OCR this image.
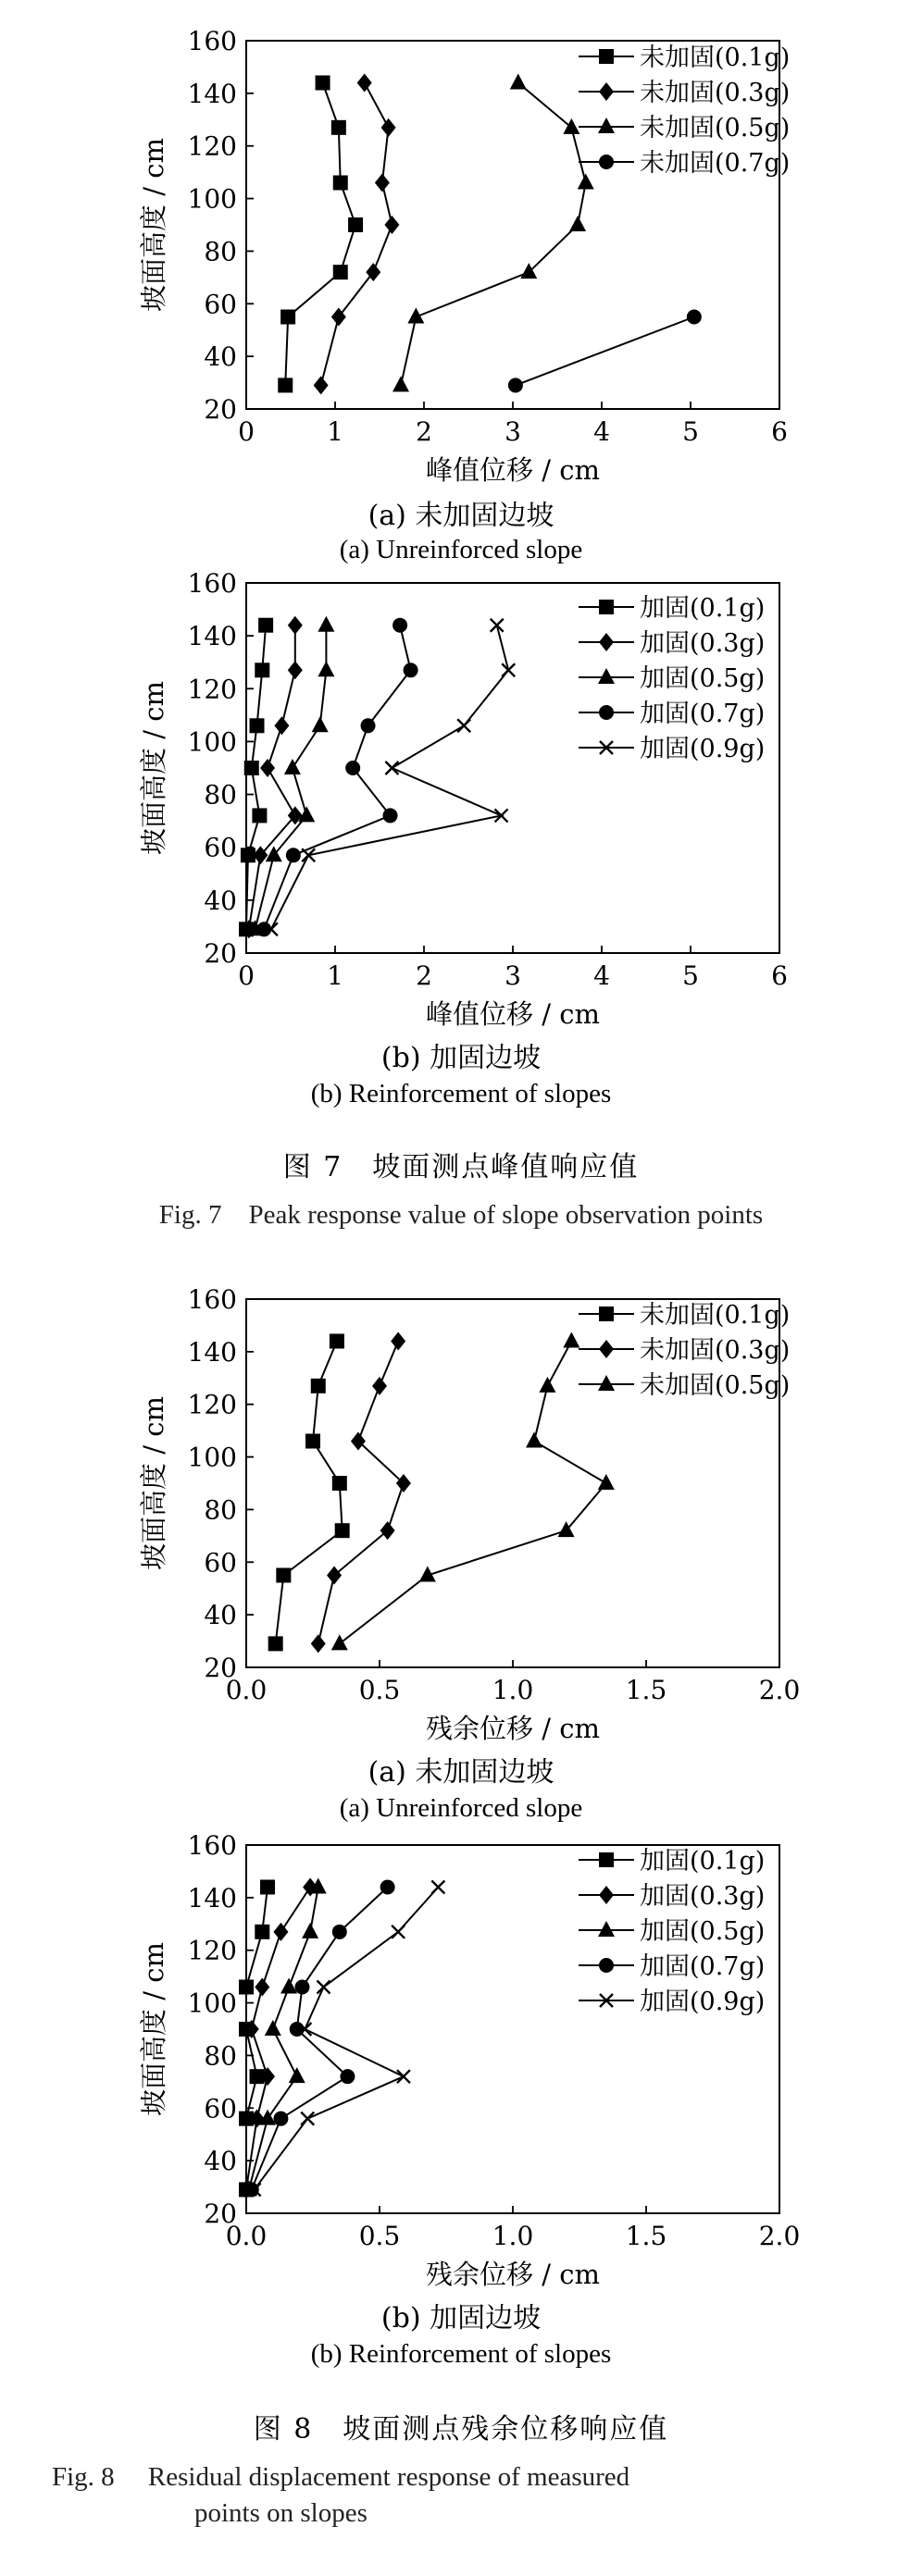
0	1	2	3	4	5	6
20
40
60
80
100
120
140
160
峰值位移 / cm
坡面高度 / cm
未加固(0.1g)
未加固(0.3g)
未加固(0.5g)
未加固(0.7g)
0	1	2	3	4	5	6
20
40
60
80
100
120
140
160
峰值位移 / cm
坡面高度 / cm
加固(0.1g)
加固(0.3g)
加固(0.5g)
加固(0.7g)
加固(0.9g)
0.0	0.5	1.0	1.5	2.0
20
40
60
80
100
120
140
160
残余位移 / cm
坡面高度 / cm
未加固(0.1g)
未加固(0.3g)
未加固(0.5g)
0.0	0.5	1.0	1.5	2.0
20
40
60
80
100
120
140
160
残余位移 / cm
坡面高度 / cm
加固(0.1g)
加固(0.3g)
加固(0.5g)
加固(0.7g)
加固(0.9g)
(a) 未加固边坡
(a) Unreinforced slope
(b) 加固边坡
(b) Reinforcement of slopes
图 7　坡面测点峰值响应值
Fig. 7　Peak response value of slope observation points
(a) 未加固边坡
(a) Unreinforced slope
(b) 加固边坡
(b) Reinforcement of slopes
图 8　坡面测点残余位移响应值
Fig. 8　 Residual displacement response of measured
points on slopes
